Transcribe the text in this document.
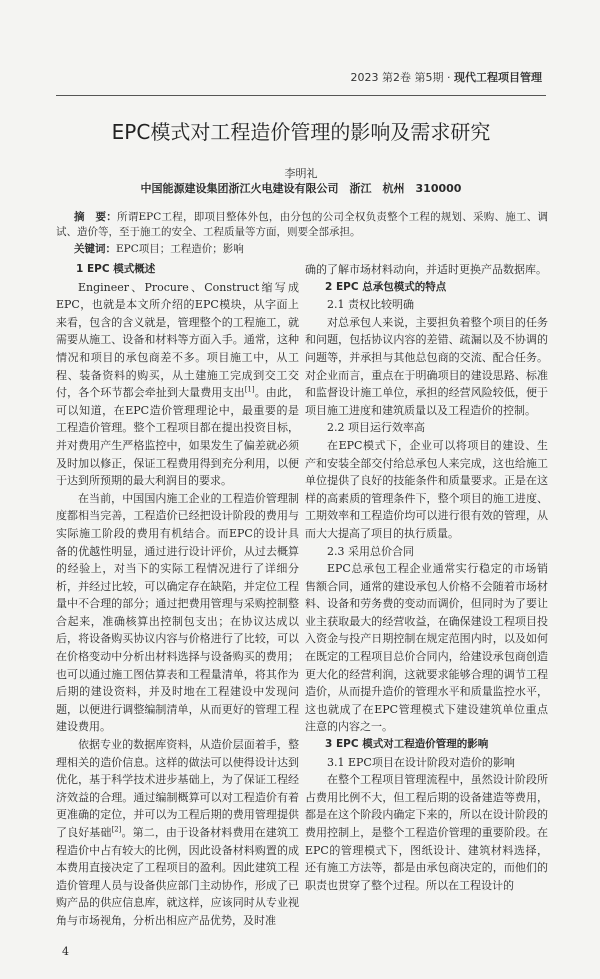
2023 第2卷 第5期 · 现代工程项目管理
EPC模式对工程造价管理的影响及需求研究
李明礼
中国能源建设集团浙江火电建设有限公司　浙江　杭州　310000
摘　要：所谓EPC工程，即项目整体外包，由分包的公司全权负责整个工程的规划、采购、施工、调试、造价等，至于施工的安全、工程质量等方面，则要全部承担。
关键词：EPC项目；工程造价；影响
1 EPC 模式概述

Engineer、Procure、Construct缩写成EPC，也就是本文所介绍的EPC模块，从字面上来看，包含的含义就是，管理整个的工程施工，就需要从施工、设备和材料等方面入手。通常，这种情况和项目的承包商差不多。项目施工中，从工程、装备资料的购买，从土建施工完成到交工交付，各个环节都会牵扯到大量费用支出[1]。由此，可以知道，在EPC造价管理理论中，最重要的是工程造价管理。整个工程项目都在提出投资目标，并对费用产生严格监控中，如果发生了偏差就必须及时加以修正，保证工程费用得到充分利用，以便于达到所预期的最大利润目的要求。

在当前，中国国内施工企业的工程造价管理制度都相当完善，工程造价已经把设计阶段的费用与实际施工阶段的费用有机结合。而EPC的设计具备的优越性明显，通过进行设计评价，从过去概算的经验上，对当下的实际工程情况进行了详细分析，并经过比较，可以确定存在缺陷，并定位工程量中不合理的部分；通过把费用管理与采购控制整合起来，准确核算出控制包支出；在协议达成以后，将设备购买协议内容与价格进行了比较，可以在价格变动中分析出材料选择与设备购买的费用；也可以通过施工图估算表和工程量清单，将其作为后期的建设资料，并及时地在工程建设中发现问题，以便进行调整编制清单，从而更好的管理工程建设费用。

依据专业的数据库资料，从造价层面着手，整理相关的造价信息。这样的做法可以使得设计达到优化，基于科学技术进步基础上，为了保证工程经济效益的合理。通过编制概算可以对工程造价有着更准确的定位，并可以为工程后期的费用管理提供了良好基础[2]。第二，由于设备材料费用在建筑工程造价中占有较大的比例，因此设备材料购置的成本费用直接决定了工程项目的盈利。因此建筑工程造价管理人员与设备供应部门主动协作，形成了已购产品的供应信息库，就这样，应该同时从专业视角与市场视角，分析出相应产品优势，及时准

确的了解市场材料动向，并适时更换产品数据库。
2 EPC 总承包模式的特点
2.1 责权比较明确

对总承包人来说，主要担负着整个项目的任务和问题，包括协议内容的差错、疏漏以及不协调的问题等，并承担与其他总包商的交流、配合任务。对企业而言，重点在于明确项目的建设思路、标准和监督设计施工单位，承担的经营风险较低，便于项目施工进度和建筑质量以及工程造价的控制。

2.2 项目运行效率高

在EPC模式下，企业可以将项目的建设、生产和安装全部交付给总承包人来完成，这也给施工单位提供了良好的技能条件和质量要求。正是在这样的高素质的管理条件下，整个项目的施工进度、工期效率和工程造价均可以进行很有效的管理，从而大大提高了项目的执行质量。

2.3 采用总价合同

EPC总承包工程企业通常实行稳定的市场销售额合同，通常的建设承包人价格不会随着市场材料、设备和劳务费的变动而调价，但同时为了要让业主获取最大的经营收益，在确保建设工程项目投入资金与投产日期控制在规定范围内时，以及如何在既定的工程项目总价合同内，给建设承包商创造更大化的经营利润，这就要求能够合理的调节工程造价，从而提升造价的管理水平和质量监控水平，这也就成了在EPC管理模式下建设建筑单位重点注意的内容之一。

3 EPC 模式对工程造价管理的影响
3.1 EPC项目在设计阶段对造价的影响

在整个工程项目管理流程中，虽然设计阶段所占费用比例不大，但工程后期的设备建造等费用，都是在这个阶段内确定下来的，所以在设计阶段的费用控制上，是整个工程造价管理的重要阶段。在EPC的管理模式下，图纸设计、建筑材料选择，还有施工方法等，都是由承包商决定的，而他们的职责也贯穿了整个过程。所以在工程设计的

4
